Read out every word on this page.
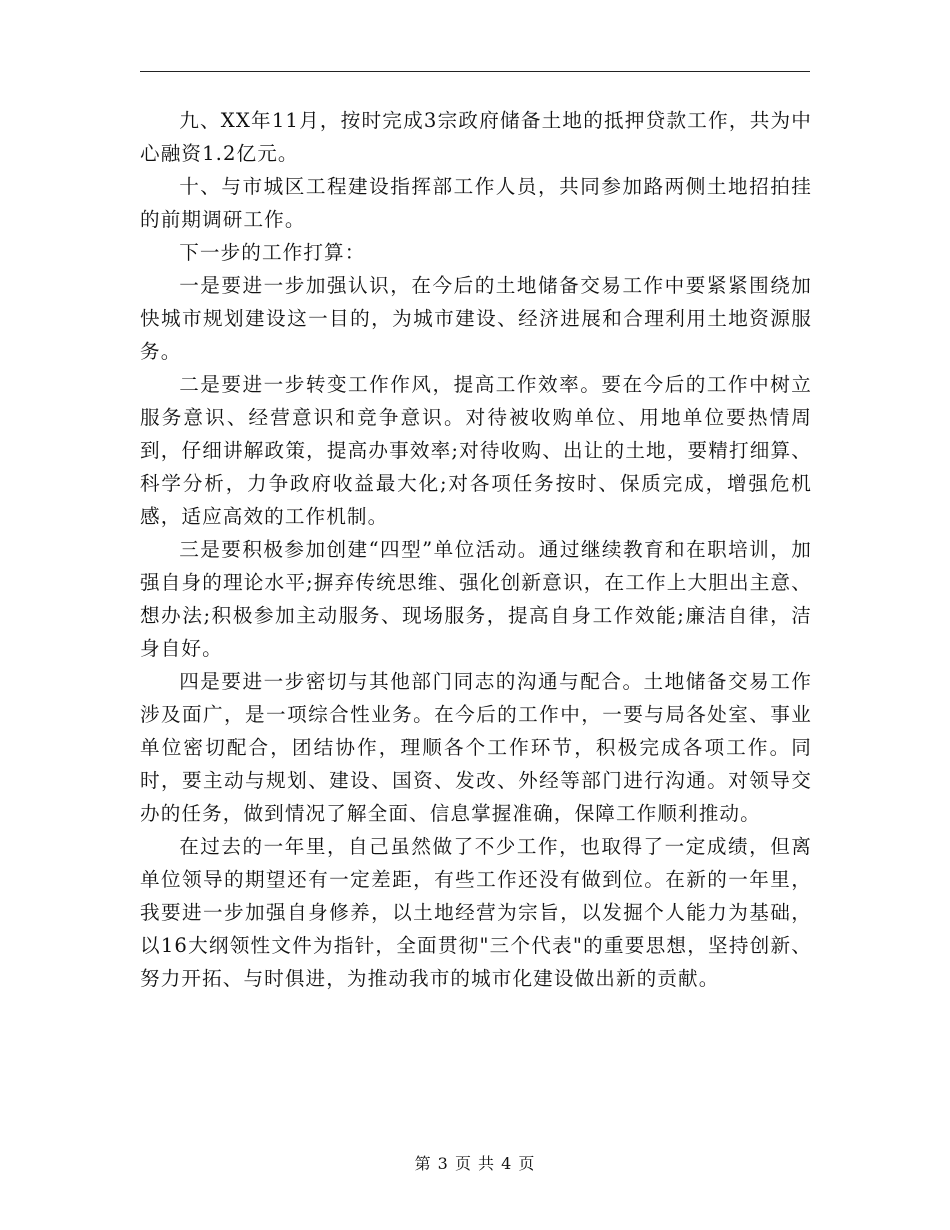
九、XX年11月，按时完成3宗政府储备土地的抵押贷款工作，共为中心融资1.2亿元。

十、与市城区工程建设指挥部工作人员，共同参加路两侧土地招拍挂的前期调研工作。

下一步的工作打算：

一是要进一步加强认识，在今后的土地储备交易工作中要紧紧围绕加快城市规划建设这一目的，为城市建设、经济进展和合理利用土地资源服务。

二是要进一步转变工作作风，提高工作效率。要在今后的工作中树立服务意识、经营意识和竞争意识。对待被收购单位、用地单位要热情周到，仔细讲解政策，提高办事效率;对待收购、出让的土地，要精打细算、科学分析，力争政府收益最大化;对各项任务按时、保质完成，增强危机感，适应高效的工作机制。

三是要积极参加创建“四型”单位活动。通过继续教育和在职培训，加强自身的理论水平;摒弃传统思维、强化创新意识，在工作上大胆出主意、想办法;积极参加主动服务、现场服务，提高自身工作效能;廉洁自律，洁身自好。

四是要进一步密切与其他部门同志的沟通与配合。土地储备交易工作涉及面广，是一项综合性业务。在今后的工作中，一要与局各处室、事业单位密切配合，团结协作，理顺各个工作环节，积极完成各项工作。同时，要主动与规划、建设、国资、发改、外经等部门进行沟通。对领导交办的任务，做到情况了解全面、信息掌握准确，保障工作顺利推动。

在过去的一年里，自己虽然做了不少工作，也取得了一定成绩，但离单位领导的期望还有一定差距，有些工作还没有做到位。在新的一年里，我要进一步加强自身修养，以土地经营为宗旨，以发掘个人能力为基础，以16大纲领性文件为指针，全面贯彻"三个代表"的重要思想，坚持创新、努力开拓、与时俱进，为推动我市的城市化建设做出新的贡献。

第 3 页 共 4 页
